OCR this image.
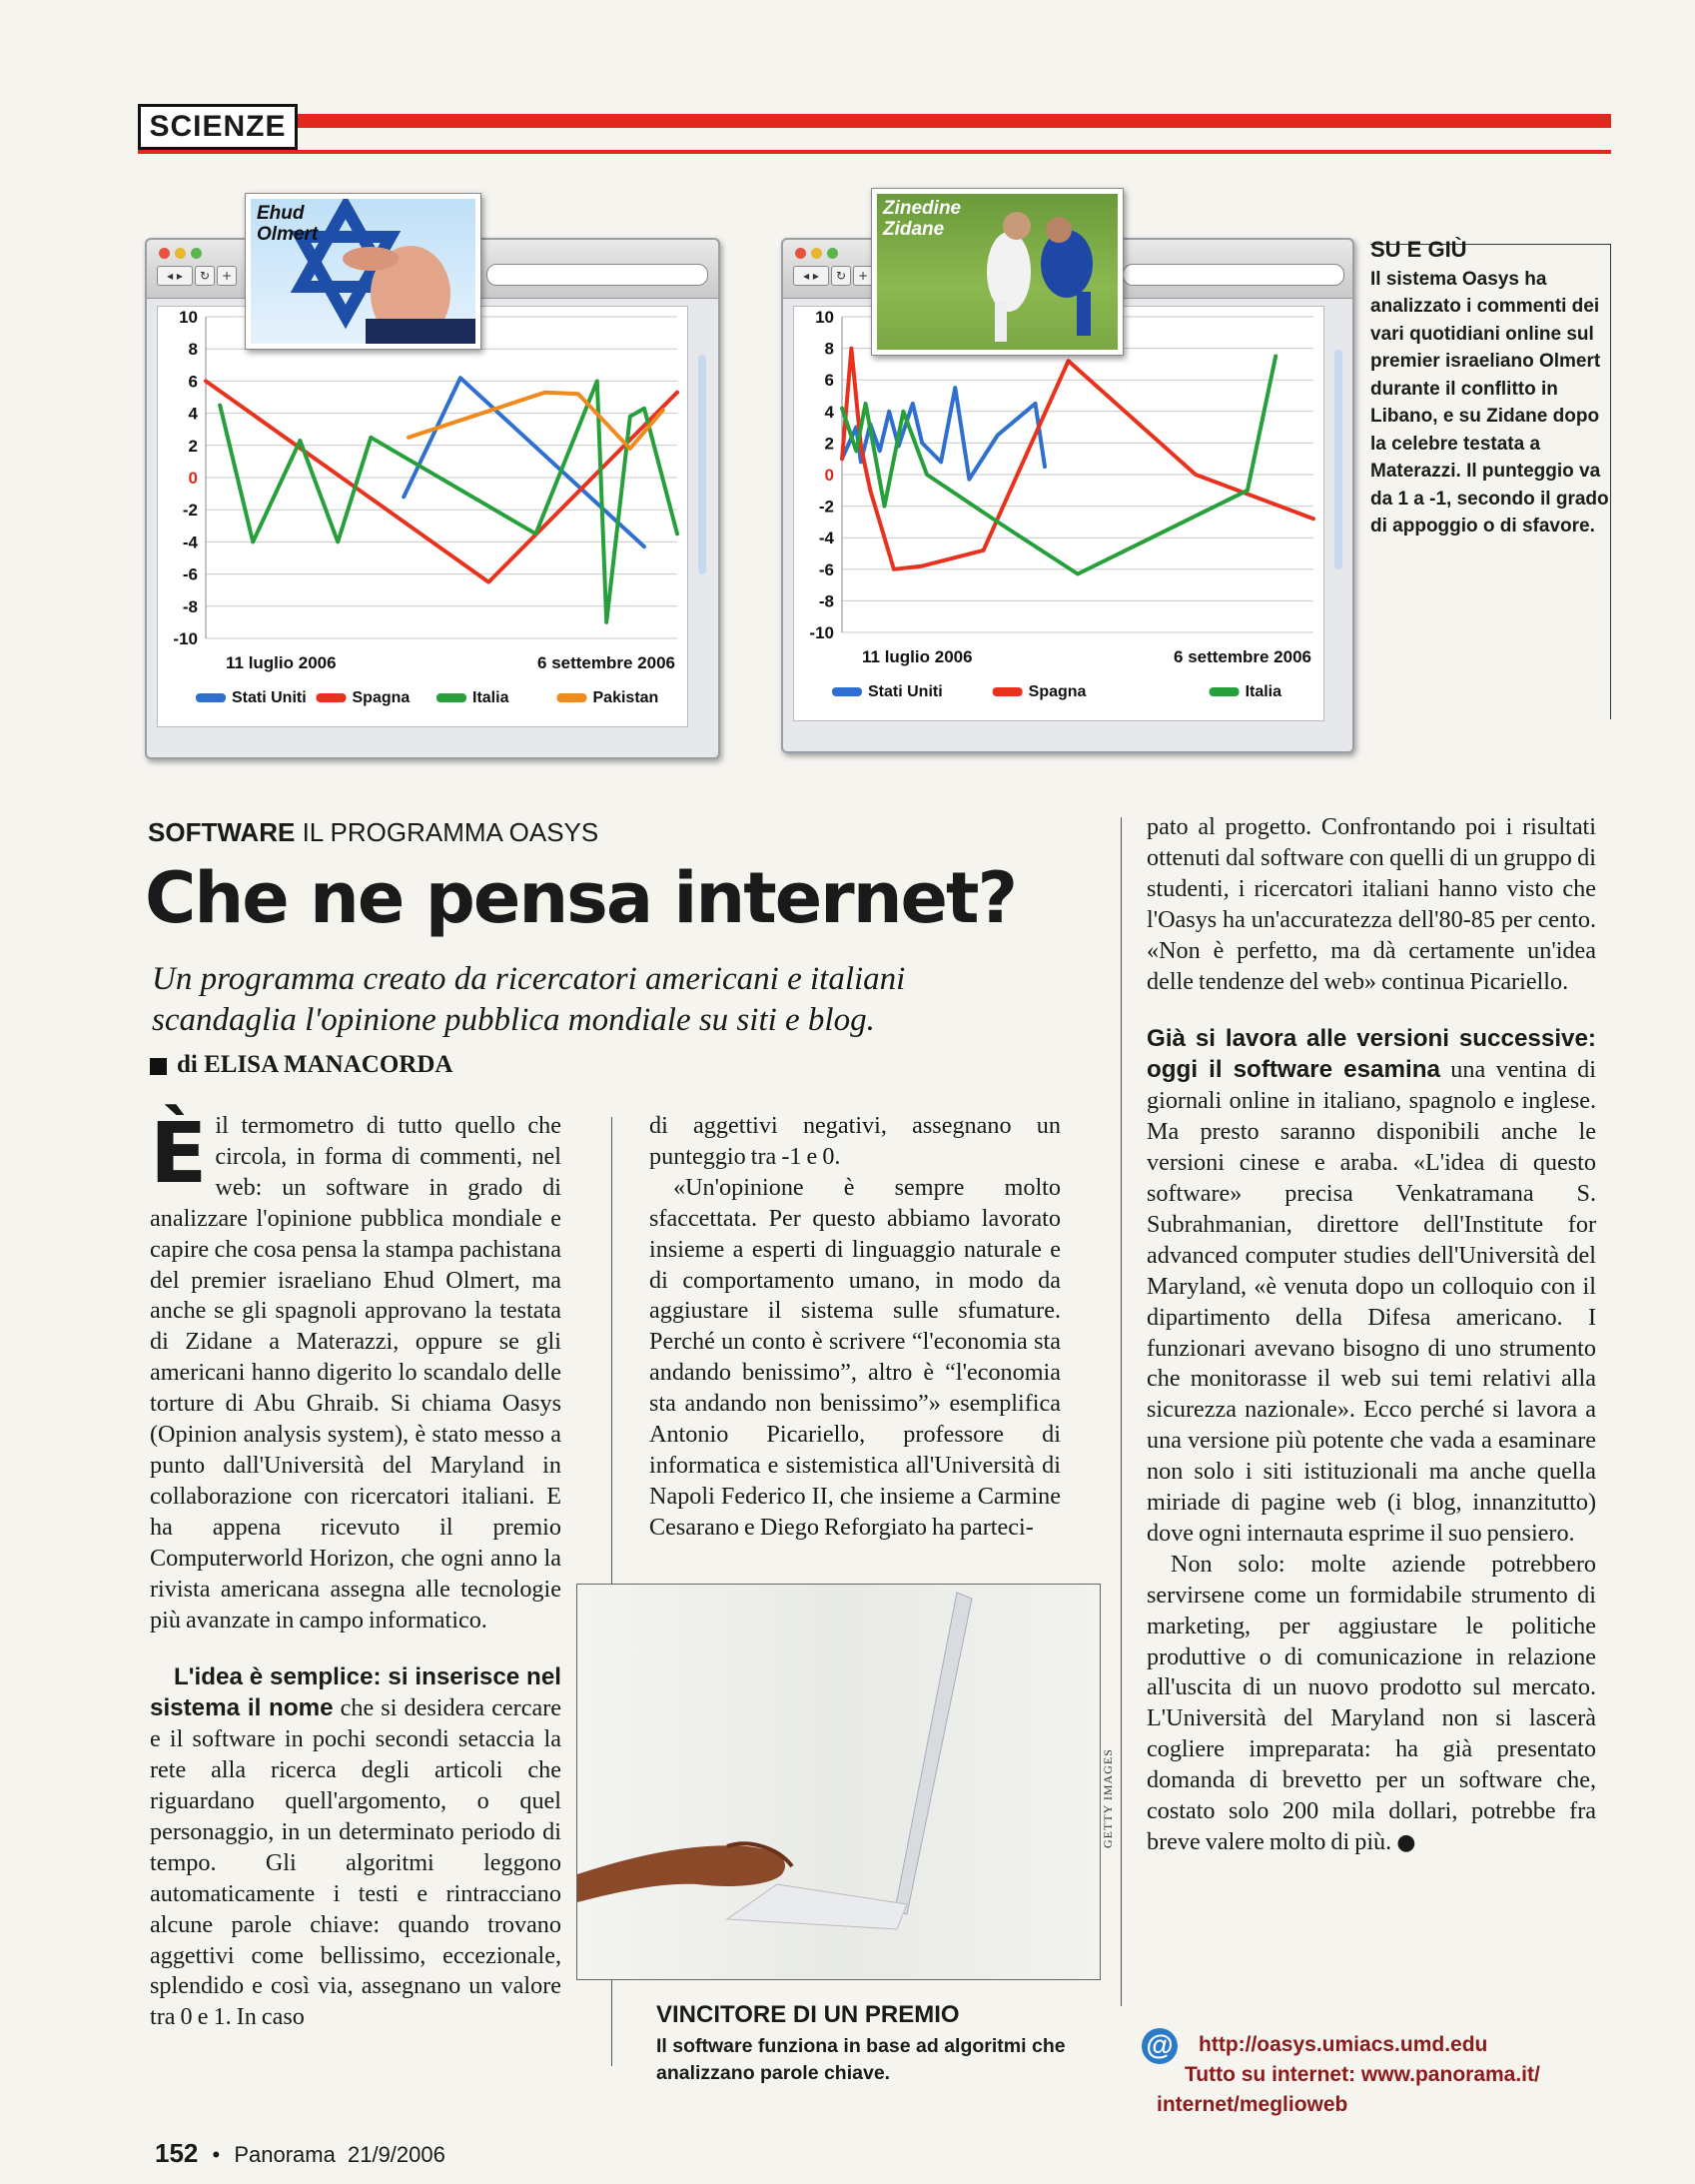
SCIENZE
◂ ▸	↻ +
10
8
6
4
2
0
-2
-4
-6
-8
-10
11 luglio 2006	6 settembre 2006
Stati Uniti	Spagna	Italia	Pakistan
◂ ▸	↻ +
10
8
6
4
2
0
-2
-4
-6
-8
-10
11 luglio 2006	6 settembre 2006
Stati Uniti	Spagna	Italia
Ehud
Olmert
Zinedine
Zidane
SU E GIÙ
Il sistema Oasys ha analizzato i commenti dei vari quotidiani online sul premier israeliano Olmert durante il conflitto in Libano, e su Zidane dopo la celebre testata a Materazzi. Il punteggio va da 1 a -1, secondo il grado di appoggio o di sfavore.
SOFTWARE IL PROGRAMMA OASYS
Che ne pensa internet?
Un programma creato da ricercatori americani e italiani scandaglia l'opinione pubblica mondiale su siti e blog.
di ELISA MANACORDA

Èil termometro di tutto quello che circola, in forma di commenti, nel web: un software in grado di analizzare l'opinione pubblica mondiale e capire che cosa pensa la stampa pachistana del premier israeliano Ehud Olmert, ma anche se gli spagnoli approvano la testata di Zidane a Materazzi, oppure se gli americani hanno digerito lo scandalo delle torture di Abu Ghraib. Si chiama Oasys (Opinion analysis system), è stato messo a punto dall'Università del Maryland in collaborazione con ricercatori italiani. E ha appena ricevuto il premio Computerworld Horizon, che ogni anno la rivista americana assegna alle tecnologie più avanzate in campo informatico.

L'idea è semplice: si inserisce nel sistema il nome che si desidera cercare e il software in pochi secondi setaccia la rete alla ricerca degli articoli che riguardano quell'argomento, o quel personaggio, in un determinato periodo di tempo. Gli algoritmi leggono automaticamente i testi e rintracciano alcune parole chiave: quando trovano aggettivi come bellissimo, eccezionale, splendido e così via, assegnano un valore tra 0 e 1. In caso

di aggettivi negativi, assegnano un punteggio tra -1 e 0.

«Un'opinione è sempre molto sfaccettata. Per questo abbiamo lavorato insieme a esperti di linguaggio naturale e di comportamento umano, in modo da aggiustare il sistema sulle sfumature. Perché un conto è scrivere “l'economia sta andando benissimo”, altro è “l'economia sta andando non benissimo”» esemplifica Antonio Picariello, professore di informatica e sistemistica all'Università di Napoli Federico II, che insieme a Carmine Cesarano e Diego Reforgiato ha parteci-

GETTY IMAGES
VINCITORE DI UN PREMIO
Il software funziona in base ad algoritmi che analizzano parole chiave.

pato al progetto. Confrontando poi i risultati ottenuti dal software con quelli di un gruppo di studenti, i ricercatori italiani hanno visto che l'Oasys ha un'accuratezza dell'80-85 per cento. «Non è perfetto, ma dà certamente un'idea delle tendenze del web» continua Picariello.

Già si lavora alle versioni successive: oggi il software esamina una ventina di giornali online in italiano, spagnolo e inglese. Ma presto saranno disponibili anche le versioni cinese e araba. «L'idea di questo software» precisa Venkatramana S. Subrahmanian, direttore dell'Institute for advanced computer studies dell'Università del Maryland, «è venuta dopo un colloquio con il dipartimento della Difesa americano. I funzionari avevano bisogno di uno strumento che monitorasse il web sui temi relativi alla sicurezza nazionale». Ecco perché si lavora a una versione più potente che vada a esaminare non solo i siti istituzionali ma anche quella miriade di pagine web (i blog, innanzitutto) dove ogni internauta esprime il suo pensiero.

Non solo: molte aziende potrebbero servirsene come un formidabile strumento di marketing, per aggiustare le politiche produttive o di comunicazione in relazione all'uscita di un nuovo prodotto sul mercato. L'Università del Maryland non si lascerà cogliere impreparata: ha già presentato domanda di brevetto per un software che, costato solo 200 mila dollari, potrebbe fra breve valere molto di più. ●

@	http://oasys.umiacs.umd.edu
Tutto su internet: www.panorama.it/
internet/meglioweb
152 • Panorama 21/9/2006
